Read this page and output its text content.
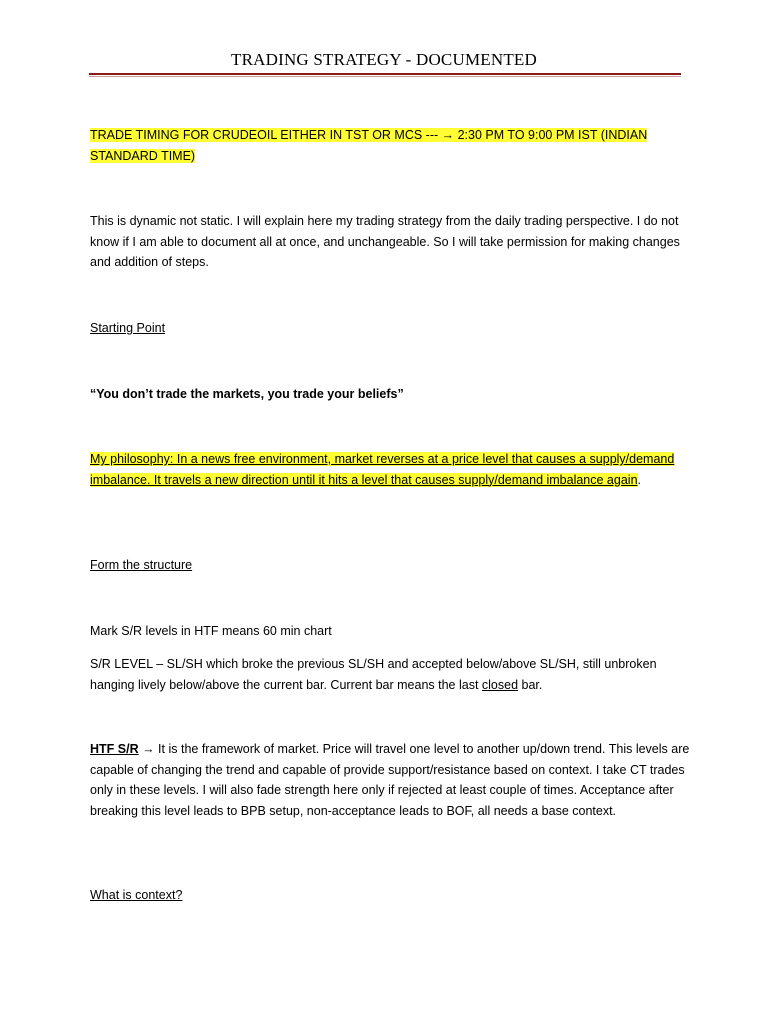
TRADING STRATEGY - DOCUMENTED
TRADE TIMING FOR CRUDEOIL EITHER IN TST OR MCS --- → 2:30 PM TO 9:00 PM IST (INDIAN STANDARD TIME)
This is dynamic not static. I will explain here my trading strategy from the daily trading perspective. I do not know if I am able to document all at once, and unchangeable. So I will take permission for making changes and addition of steps.
Starting Point
“You don’t trade the markets, you trade your beliefs”
My philosophy: In a news free environment, market reverses at a price level that causes a supply/demand imbalance. It travels a new direction until it hits a level that causes supply/demand imbalance again.
Form the structure
Mark S/R levels in HTF means 60 min chart
S/R LEVEL – SL/SH which broke the previous SL/SH and accepted below/above SL/SH, still unbroken hanging lively below/above the current bar. Current bar means the last closed bar.
HTF S/R → It is the framework of market. Price will travel one level to another up/down trend. This levels are capable of changing the trend and capable of provide support/resistance based on context. I take CT trades only in these levels. I will also fade strength here only if rejected at least couple of times. Acceptance after breaking this level leads to BPB setup, non-acceptance leads to BOF, all needs a base context.
What is context?
